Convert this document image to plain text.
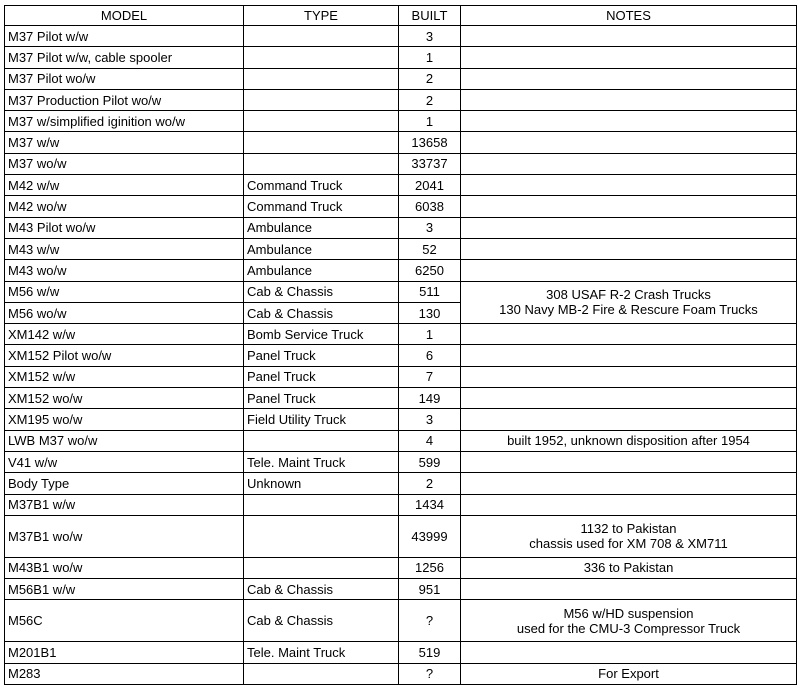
MODEL	TYPE	BUILT	NOTES
M37 Pilot w/w		3	
M37 Pilot w/w, cable spooler		1	
M37 Pilot wo/w		2	
M37 Production Pilot wo/w		2	
M37 w/simplified iginition wo/w		1	
M37 w/w		13658	
M37 wo/w		33737	
M42 w/w	Command Truck	2041	
M42 wo/w	Command Truck	6038	
M43 Pilot wo/w	Ambulance	3	
M43 w/w	Ambulance	52	
M43 wo/w	Ambulance	6250	
M56 w/w	Cab & Chassis	511	308 USAF R-2 Crash Trucks
130 Navy MB-2 Fire & Rescure Foam Trucks

M56 wo/w	Cab & Chassis	130	
XM142 w/w	Bomb Service Truck	1	
XM152 Pilot wo/w	Panel Truck	6	
XM152 w/w	Panel Truck	7	
XM152 wo/w	Panel Truck	149	
XM195 wo/w	Field Utility Truck	3	
LWB M37 wo/w		4	built 1952, unknown disposition after 1954
V41 w/w	Tele. Maint Truck	599	
Body Type	Unknown	2	
M37B1 w/w		1434	
M37B1 wo/w		43999	1132 to Pakistan
chassis used for XM 708 & XM711

M43B1 wo/w		1256	336 to Pakistan
M56B1 w/w	Cab & Chassis	951	
M56C	Cab & Chassis	?	M56 w/HD suspension
used for the CMU-3 Compressor Truck

M201B1	Tele. Maint Truck	519	
M283		?	For Export
